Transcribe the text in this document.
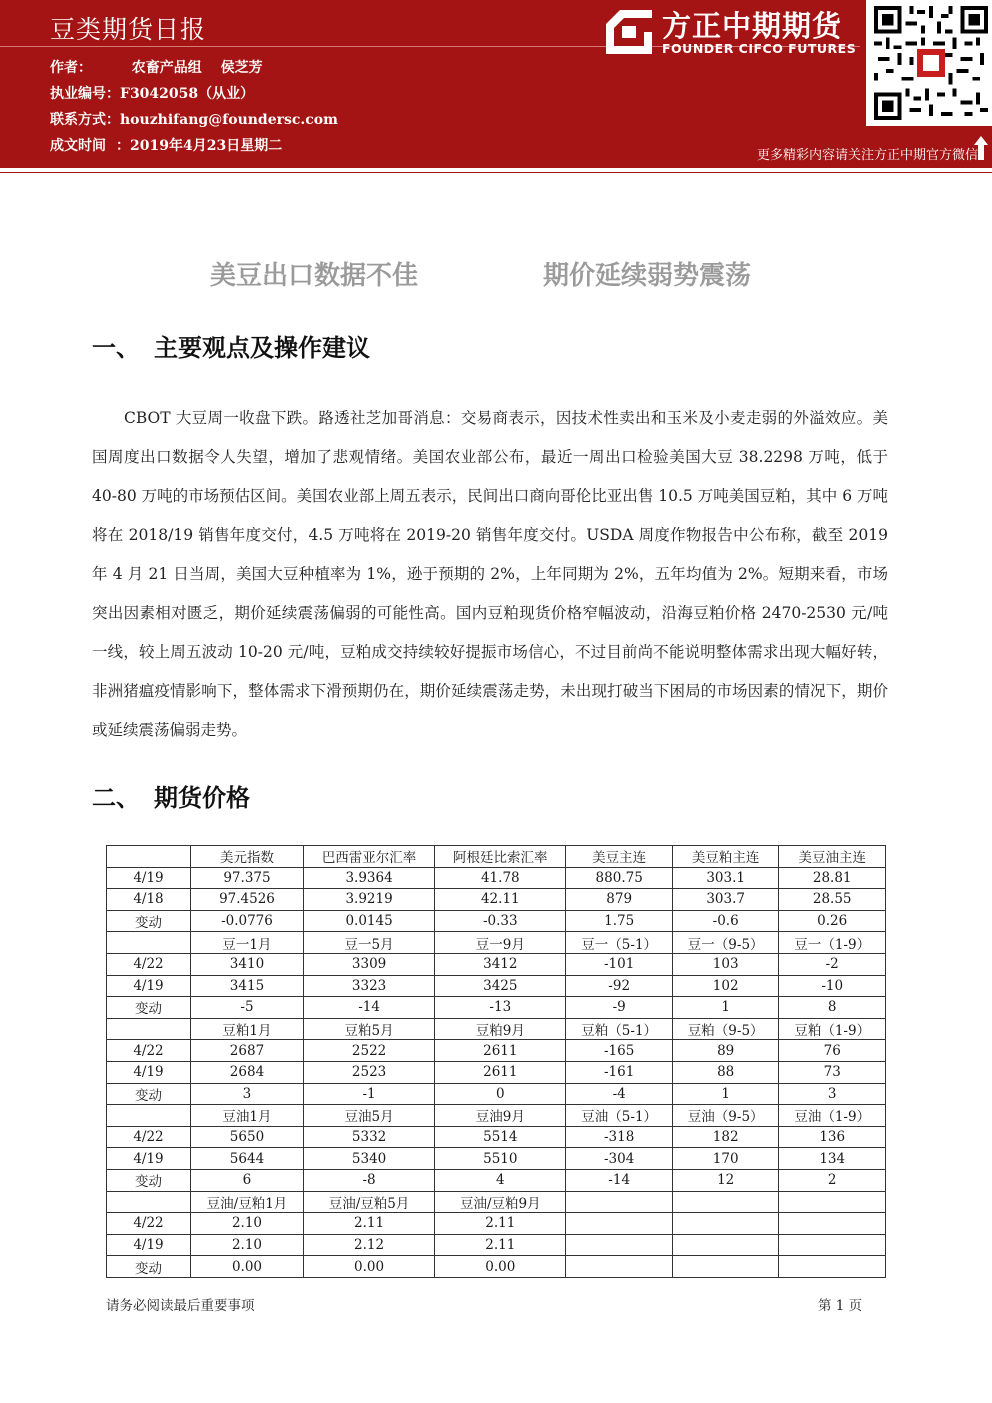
豆类期货日报
作者：	农畜产品组　 侯芝芳
执业编号：F3042058（从业）
联系方式：houzhifang@foundersc.com
成文时间 ：2019年4月23日星期二
方正中期期货
FOUNDER CIFCO FUTURES
更多精彩内容请关注方正中期官方微信
美豆出口数据不佳	期价延续弱势震荡
一、 主要观点及操作建议
CBOT 大豆周一收盘下跌。路透社芝加哥消息：交易商表示，因技术性卖出和玉米及小麦走弱的外溢效应。美国周度出口数据令人失望，增加了悲观情绪。美国农业部公布，最近一周出口检验美国大豆 38.2298 万吨，低于 40-80 万吨的市场预估区间。美国农业部上周五表示，民间出口商向哥伦比亚出售 10.5 万吨美国豆粕，其中 6 万吨将在 2018/19 销售年度交付，4.5 万吨将在 2019-20 销售年度交付。USDA 周度作物报告中公布称，截至 2019 年 4 月 21 日当周，美国大豆种植率为 1%，逊于预期的 2%，上年同期为 2%，五年均值为 2%。短期来看，市场突出因素相对匮乏，期价延续震荡偏弱的可能性高。国内豆粕现货价格窄幅波动，沿海豆粕价格 2470-2530 元/吨一线，较上周五波动 10-20 元/吨，豆粕成交持续较好提振市场信心，不过目前尚不能说明整体需求出现大幅好转，非洲猪瘟疫情影响下，整体需求下滑预期仍在，期价延续震荡走势，未出现打破当下困局的市场因素的情况下，期价或延续震荡偏弱走势。
二、 期货价格
	美元指数	巴西雷亚尔汇率	阿根廷比索汇率	美豆主连	美豆粕主连	美豆油主连
4/19	97.375	3.9364	41.78	880.75	303.1	28.81
4/18	97.4526	3.9219	42.11	879	303.7	28.55
变动	-0.0776	0.0145	-0.33	1.75	-0.6	0.26
	豆一1月	豆一5月	豆一9月	豆一（5-1）	豆一（9-5）	豆一（1-9）
4/22	3410	3309	3412	-101	103	-2
4/19	3415	3323	3425	-92	102	-10
变动	-5	-14	-13	-9	1	8
	豆粕1月	豆粕5月	豆粕9月	豆粕（5-1）	豆粕（9-5）	豆粕（1-9）
4/22	2687	2522	2611	-165	89	76
4/19	2684	2523	2611	-161	88	73
变动	3	-1	0	-4	1	3
	豆油1月	豆油5月	豆油9月	豆油（5-1）	豆油（9-5）	豆油（1-9）
4/22	5650	5332	5514	-318	182	136
4/19	5644	5340	5510	-304	170	134
变动	6	-8	4	-14	12	2
	豆油/豆粕1月	豆油/豆粕5月	豆油/豆粕9月			
4/22	2.10	2.11	2.11			
4/19	2.10	2.12	2.11			
变动	0.00	0.00	0.00			
请务必阅读最后重要事项	第 1 页
